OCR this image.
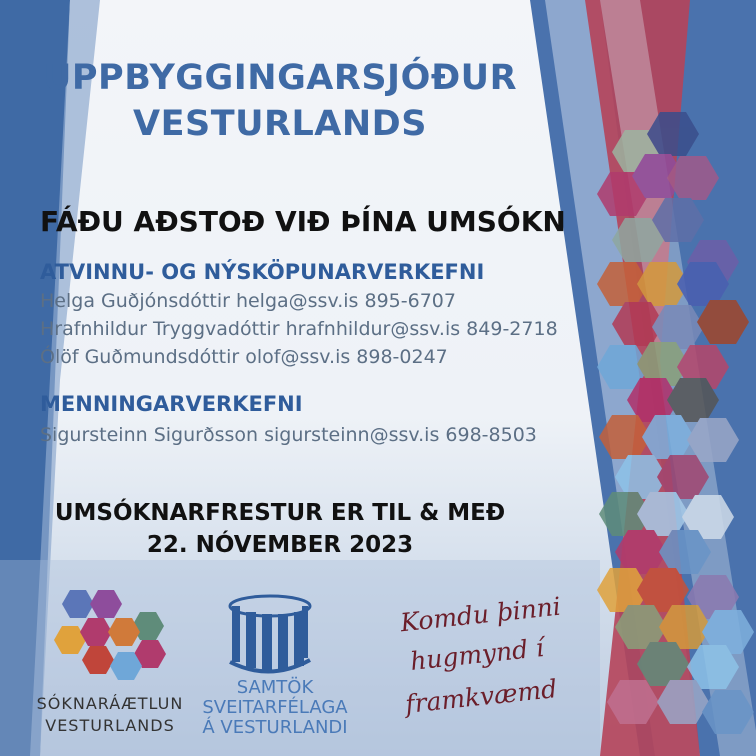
UPPBYGGINGARSJÓÐUR
VESTURLANDS
FÁÐU AÐSTOÐ VIÐ ÞÍNA UMSÓKN
ATVINNU- OG NÝSKÖPUNARVERKEFNI
Helga Guðjónsdóttir helga@ssv.is 895-6707
Hrafnhildur Tryggvadóttir hrafnhildur@ssv.is 849-2718
Ólöf Guðmundsdóttir olof@ssv.is 898-0247
MENNINGARVERKEFNI
Sigursteinn Sigurðsson sigursteinn@ssv.is 698-8503
UMSÓKNARFRESTUR ER TIL & MEÐ
22. NÓVEMBER 2023
SÓKNARÁÆTLUN
VESTURLANDS
SAMTÖK
SVEITARFÉLAGA
Á VESTURLANDI
Komdu þinni
hugmynd í
framkvæmd
